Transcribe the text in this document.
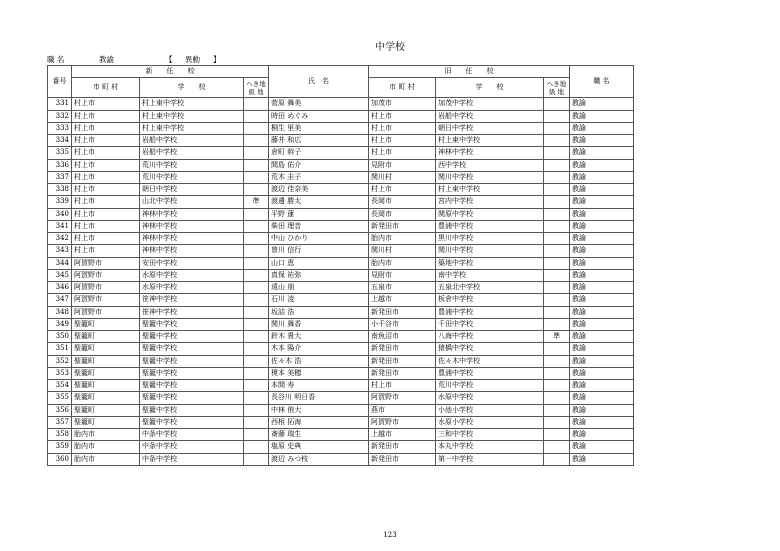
中学校
職 名	教諭	【 異動 】
番号	新　　任　　校			氏　名	旧　　任　　校			職 名
	市 町 村	学　　校	へき地
級 地		市 町 村	学　　校	へき地
級 地	
331	村上市	村上東中学校		菅原 舞美	加茂市	加茂中学校		教諭
332	村上市	村上東中学校		時田 めぐみ	村上市	岩船中学校		教諭
333	村上市	村上東中学校		桐生 里美	村上市	朝日中学校		教諭
334	村上市	岩船中学校		藤井 和広	村上市	村上東中学校		教諭
335	村上市	岩船中学校		倉町 幹子	村上市	神林中学校		教諭
336	村上市	荒川中学校		間島 佑介	見附市	西中学校		教諭
337	村上市	荒川中学校		荒木 圭子	関川村	関川中学校		教諭
338	村上市	朝日中学校		渡辺 佳奈美	村上市	村上東中学校		教諭
339	村上市	山北中学校	準	渡邊 勝太	長岡市	宮内中学校		教諭
340	村上市	神林中学校		平野 蓮	長岡市	関原中学校		教諭
341	村上市	神林中学校		柴田 理音	新発田市	豊浦中学校		教諭
342	村上市	神林中学校		中山 ひかり	胎内市	黒川中学校		教諭
343	村上市	神林中学校		曾川 信行	関川村	関川中学校		教諭
344	阿賀野市	安田中学校		山口 恵	胎内市	築地中学校		教諭
345	阿賀野市	水原中学校		真保 祐弥	見附市	南中学校		教諭
346	阿賀野市	水原中学校		遠山 朋	五泉市	五泉北中学校		教諭
347	阿賀野市	笹神中学校		石川 凌	上越市	板倉中学校		教諭
348	阿賀野市	笹神中学校		坂詰 浩	新発田市	豊浦中学校		教諭
349	聖籠町	聖籠中学校		関川 舞香	小千谷市	千田中学校		教諭
350	聖籠町	聖籠中学校		鈴木 貴大	南魚沼市	八海中学校	準	教諭
351	聖籠町	聖籠中学校		木本 陽介	新発田市	猿橋中学校		教諭
352	聖籠町	聖籠中学校		佐々木 浩	新発田市	佐々木中学校		教諭
353	聖籠町	聖籠中学校		榎本 美穂	新発田市	豊浦中学校		教諭
354	聖籠町	聖籠中学校		本間 寿	村上市	荒川中学校		教諭
355	聖籠町	聖籠中学校		長谷川 明日香	阿賀野市	水原中学校		教諭
356	聖籠町	聖籠中学校		中林 侑大	燕市	小池小学校		教諭
357	聖籠町	聖籠中学校		西根 拓海	阿賀野市	水原小学校		教諭
358	胎内市	中条中学校		斎藤 瑞生	上越市	三和中学校		教諭
359	胎内市	中条中学校		塩原 史典	新発田市	本丸中学校		教諭
360	胎内市	中条中学校		渡辺 みつ枝	新発田市	第一中学校		教諭
123
